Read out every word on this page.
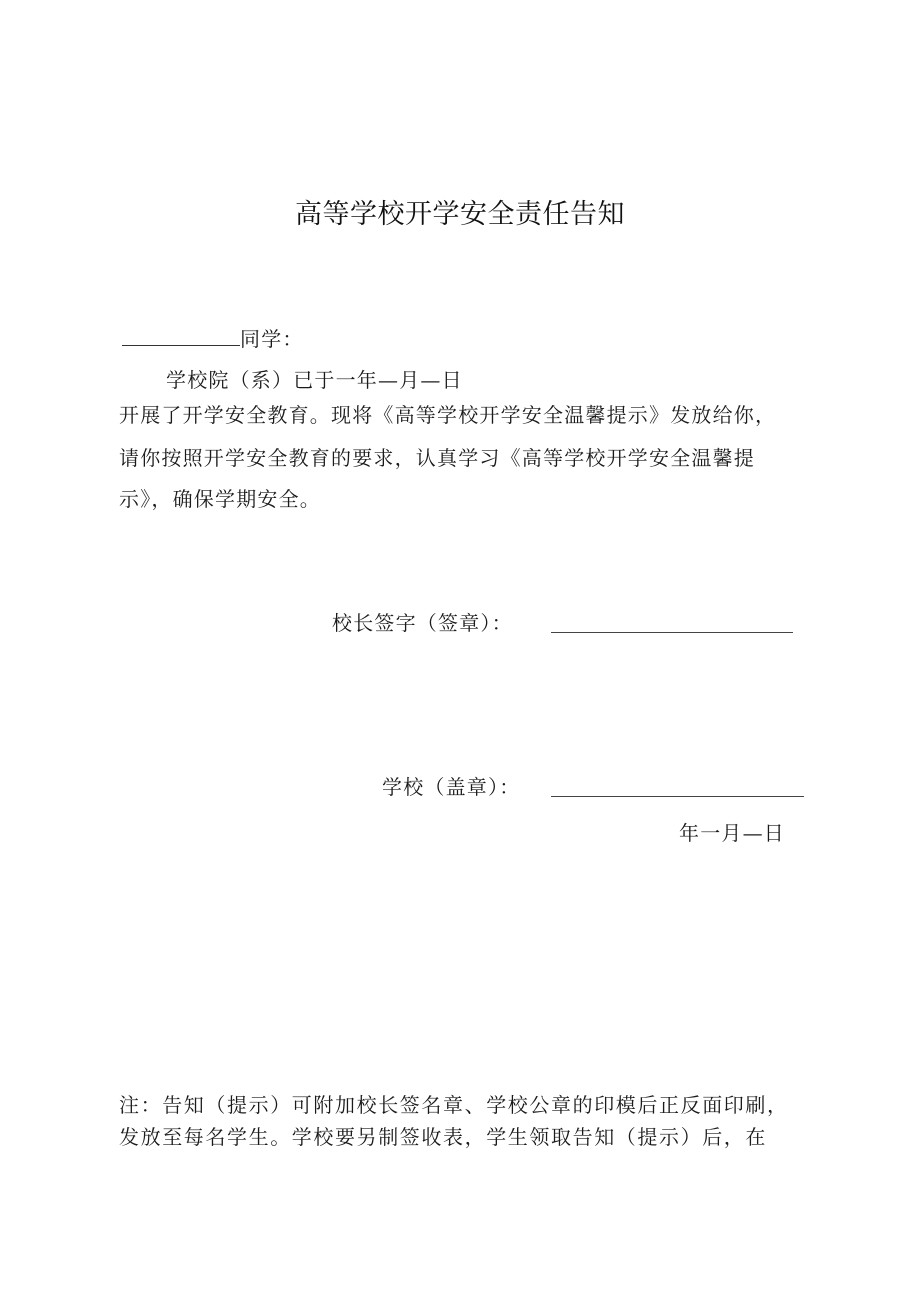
高等学校开学安全责任告知
同学：
学校院（系）已于一年—月—日
开展了开学安全教育。现将《高等学校开学安全温馨提示》发放给你，
请你按照开学安全教育的要求，认真学习《高等学校开学安全温馨提
示》，确保学期安全。
校长签字（签章）：
学校（盖章）：
年一月—日
注：告知（提示）可附加校长签名章、学校公章的印模后正反面印刷，
发放至每名学生。学校要另制签收表，学生领取告知（提示）后，在
